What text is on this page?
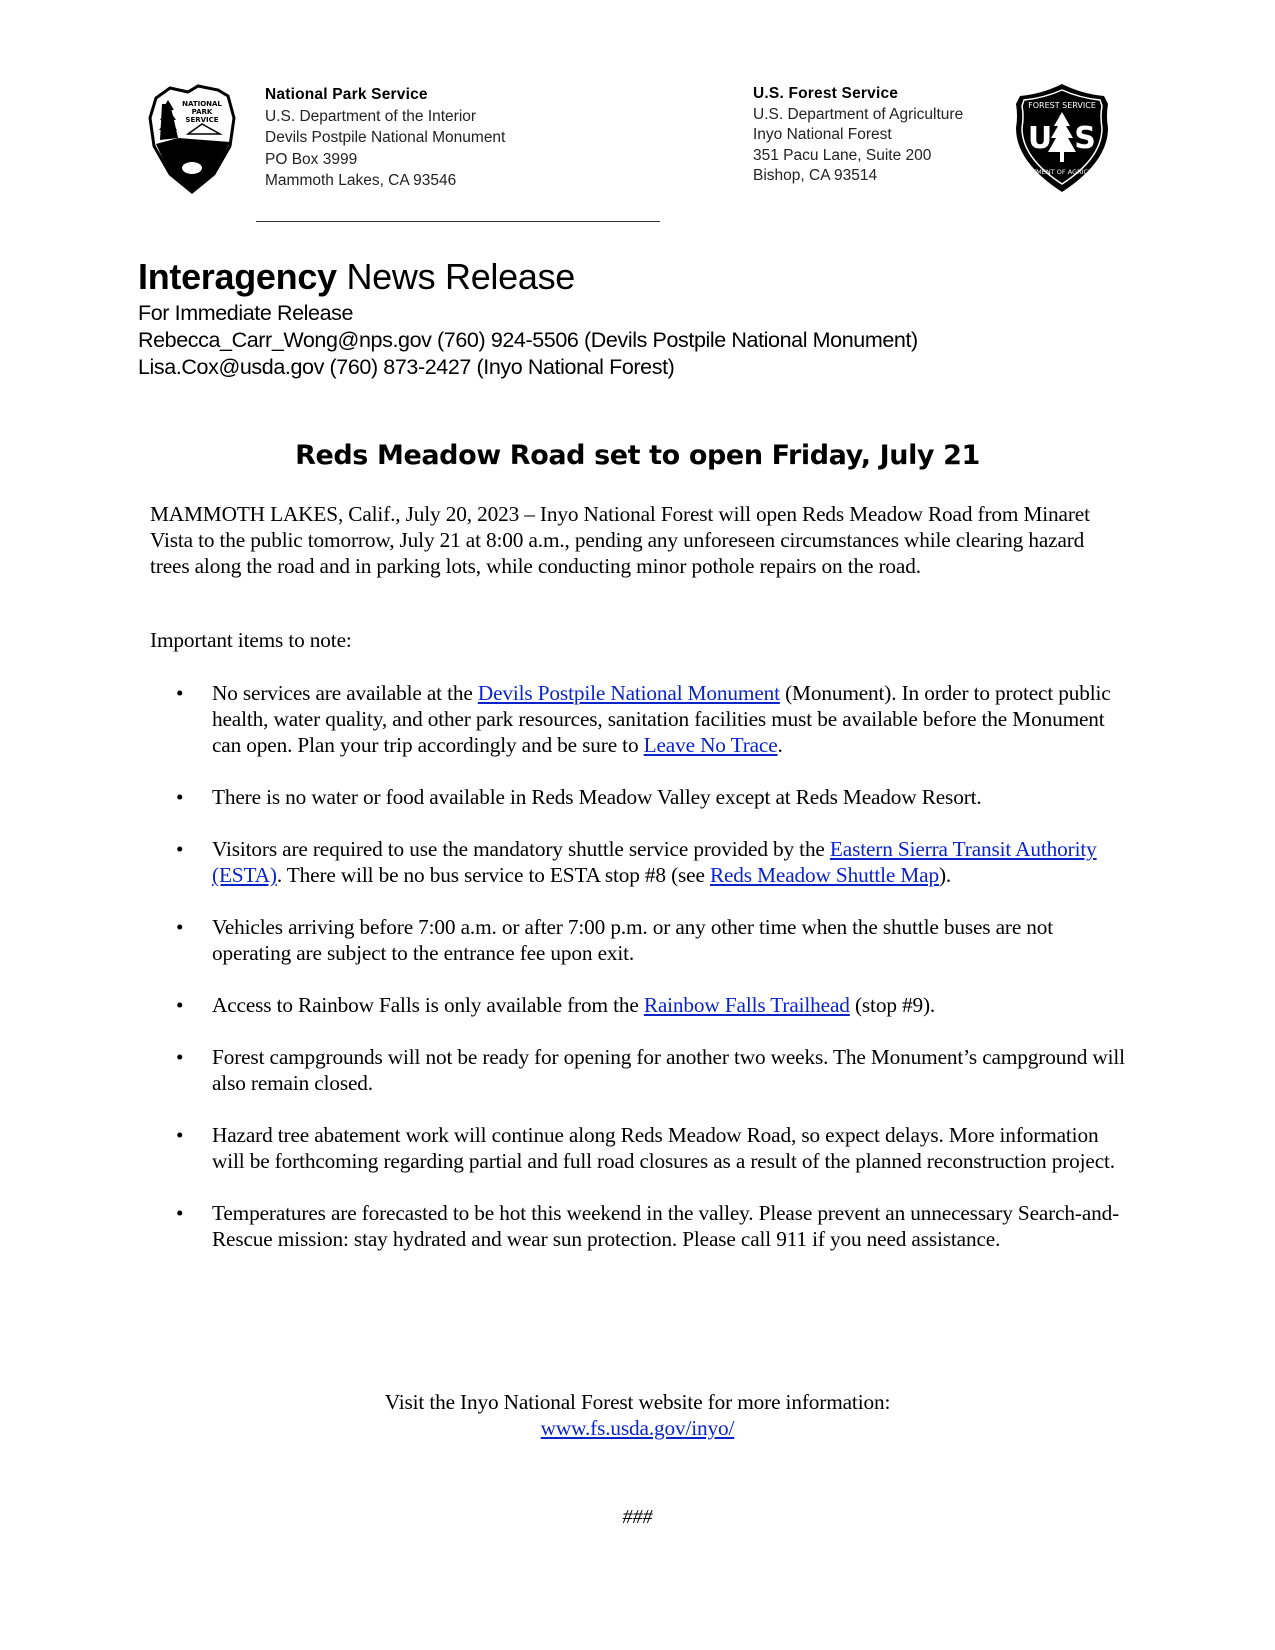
NATIONAL
PARK
SERVICE
National Park Service
U.S. Department of the Interior
Devils Postpile National Monument
PO Box 3999
Mammoth Lakes, CA 93546
U.S. Forest Service
U.S. Department of Agriculture
Inyo National Forest
351 Pacu Lane, Suite 200
Bishop, CA 93514
FOREST SERVICE
U S
DEPARTMENT OF AGRICULTURE
Interagency News Release
For Immediate Release
Rebecca_Carr_Wong@nps.gov (760) 924-5506 (Devils Postpile National Monument)
Lisa.Cox@usda.gov (760) 873-2427 (Inyo National Forest)
Reds Meadow Road set to open Friday, July 21
MAMMOTH LAKES, Calif., July 20, 2023 – Inyo National Forest will open Reds Meadow Road from Minaret Vista to the public tomorrow, July 21 at 8:00 a.m., pending any unforeseen circumstances while clearing hazard trees along the road and in parking lots, while conducting minor pothole repairs on the road.
Important items to note:
• No services are available at the Devils Postpile National Monument (Monument). In order to protect public health, water quality, and other park resources, sanitation facilities must be available before the Monument can open. Plan your trip accordingly and be sure to Leave No Trace.
• There is no water or food available in Reds Meadow Valley except at Reds Meadow Resort.
• Visitors are required to use the mandatory shuttle service provided by the Eastern Sierra Transit Authority (ESTA). There will be no bus service to ESTA stop #8 (see Reds Meadow Shuttle Map).
• Vehicles arriving before 7:00 a.m. or after 7:00 p.m. or any other time when the shuttle buses are not operating are subject to the entrance fee upon exit.
• Access to Rainbow Falls is only available from the Rainbow Falls Trailhead (stop #9).
• Forest campgrounds will not be ready for opening for another two weeks. The Monument’s campground will also remain closed.
• Hazard tree abatement work will continue along Reds Meadow Road, so expect delays. More information will be forthcoming regarding partial and full road closures as a result of the planned reconstruction project.
• Temperatures are forecasted to be hot this weekend in the valley. Please prevent an unnecessary Search-and-Rescue mission: stay hydrated and wear sun protection. Please call 911 if you need assistance.
Visit the Inyo National Forest website for more information:
www.fs.usda.gov/inyo/
###
